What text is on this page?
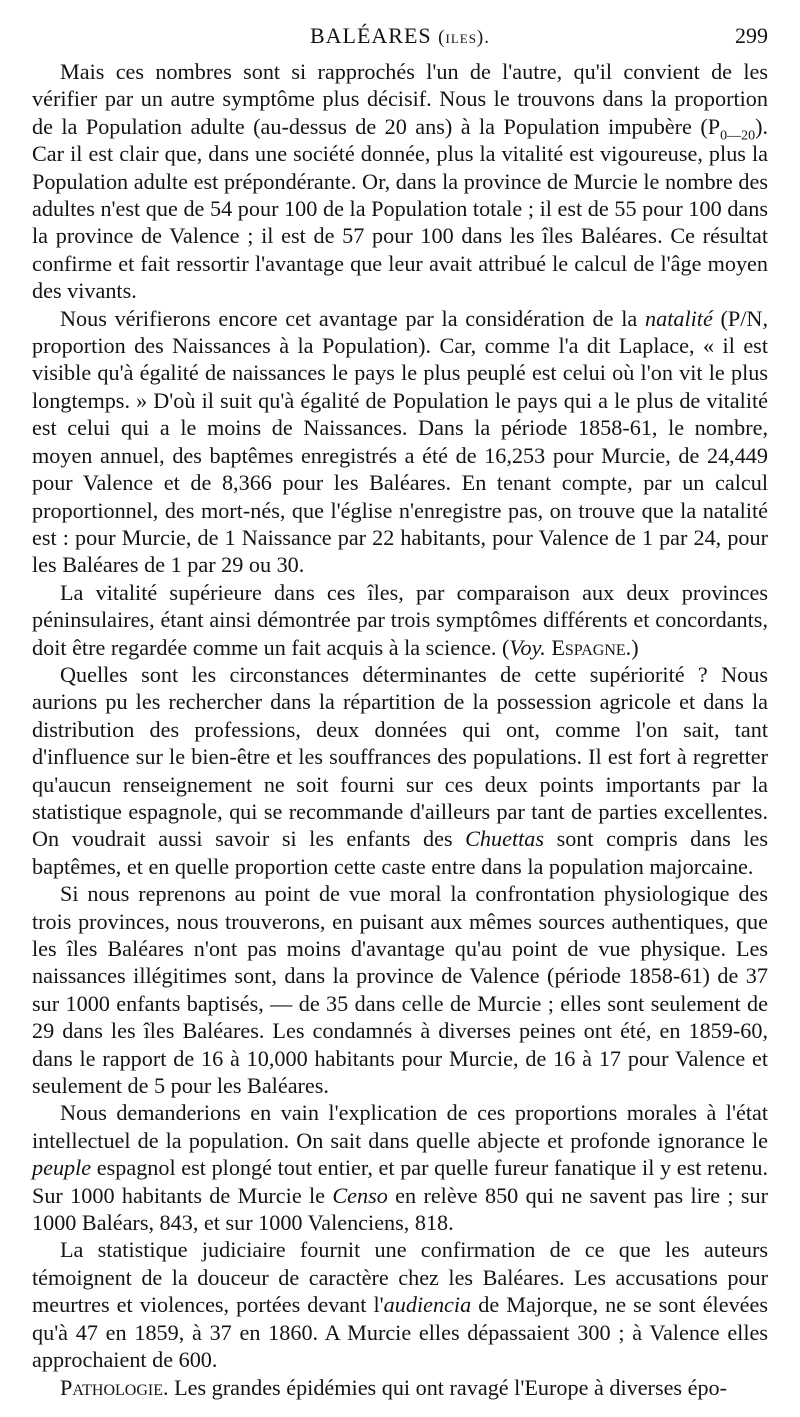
BALÉARES (iles).	299

Mais ces nombres sont si rapprochés l'un de l'autre, qu'il convient de les vérifier par un autre symptôme plus décisif. Nous le trouvons dans la proportion de la Population adulte (au-dessus de 20 ans) à la Population impubère $(P_{0—20})$. Car il est clair que, dans une société donnée, plus la vitalité est vigoureuse, plus la Population adulte est prépondérante. Or, dans la province de Murcie le nombre des adultes n'est que de 54 pour 100 de la Population totale ; il est de 55 pour 100 dans la province de Valence ; il est de 57 pour 100 dans les îles Baléares. Ce résultat confirme et fait ressortir l'avantage que leur avait attribué le calcul de l'âge moyen des vivants.

Nous vérifierons encore cet avantage par la considération de la natalité (P/N, proportion des Naissances à la Population). Car, comme l'a dit Laplace, « il est visible qu'à égalité de naissances le pays le plus peuplé est celui où l'on vit le plus longtemps. » D'où il suit qu'à égalité de Population le pays qui a le plus de vitalité est celui qui a le moins de Naissances. Dans la période 1858-61, le nombre, moyen annuel, des baptêmes enregistrés a été de 16,253 pour Murcie, de 24,449 pour Valence et de 8,366 pour les Baléares. En tenant compte, par un calcul proportionnel, des mort-nés, que l'église n'enregistre pas, on trouve que la natalité est : pour Murcie, de 1 Naissance par 22 habitants, pour Valence de 1 par 24, pour les Baléares de 1 par 29 ou 30.

La vitalité supérieure dans ces îles, par comparaison aux deux provinces péninsulaires, étant ainsi démontrée par trois symptômes différents et concordants, doit être regardée comme un fait acquis à la science. (Voy. Espagne.)

Quelles sont les circonstances déterminantes de cette supériorité ? Nous aurions pu les rechercher dans la répartition de la possession agricole et dans la distribution des professions, deux données qui ont, comme l'on sait, tant d'influence sur le bien-être et les souffrances des populations. Il est fort à regretter qu'aucun renseignement ne soit fourni sur ces deux points importants par la statistique espagnole, qui se recommande d'ailleurs par tant de parties excellentes. On voudrait aussi savoir si les enfants des Chuettas sont compris dans les baptêmes, et en quelle proportion cette caste entre dans la population majorcaine.

Si nous reprenons au point de vue moral la confrontation physiologique des trois provinces, nous trouverons, en puisant aux mêmes sources authentiques, que les îles Baléares n'ont pas moins d'avantage qu'au point de vue physique. Les naissances illégitimes sont, dans la province de Valence (période 1858-61) de 37 sur 1000 enfants baptisés, — de 35 dans celle de Murcie ; elles sont seulement de 29 dans les îles Baléares. Les condamnés à diverses peines ont été, en 1859-60, dans le rapport de 16 à 10,000 habitants pour Murcie, de 16 à 17 pour Valence et seulement de 5 pour les Baléares.

Nous demanderions en vain l'explication de ces proportions morales à l'état intellectuel de la population. On sait dans quelle abjecte et profonde ignorance le peuple espagnol est plongé tout entier, et par quelle fureur fanatique il y est retenu. Sur 1000 habitants de Murcie le Censo en relève 850 qui ne savent pas lire ; sur 1000 Baléars, 843, et sur 1000 Valenciens, 818.

La statistique judiciaire fournit une confirmation de ce que les auteurs témoignent de la douceur de caractère chez les Baléares. Les accusations pour meurtres et violences, portées devant l'audiencia de Majorque, ne se sont élevées qu'à 47 en 1859, à 37 en 1860. A Murcie elles dépassaient 300 ; à Valence elles approchaient de 600.

Pathologie. Les grandes épidémies qui ont ravagé l'Europe à diverses épo-
